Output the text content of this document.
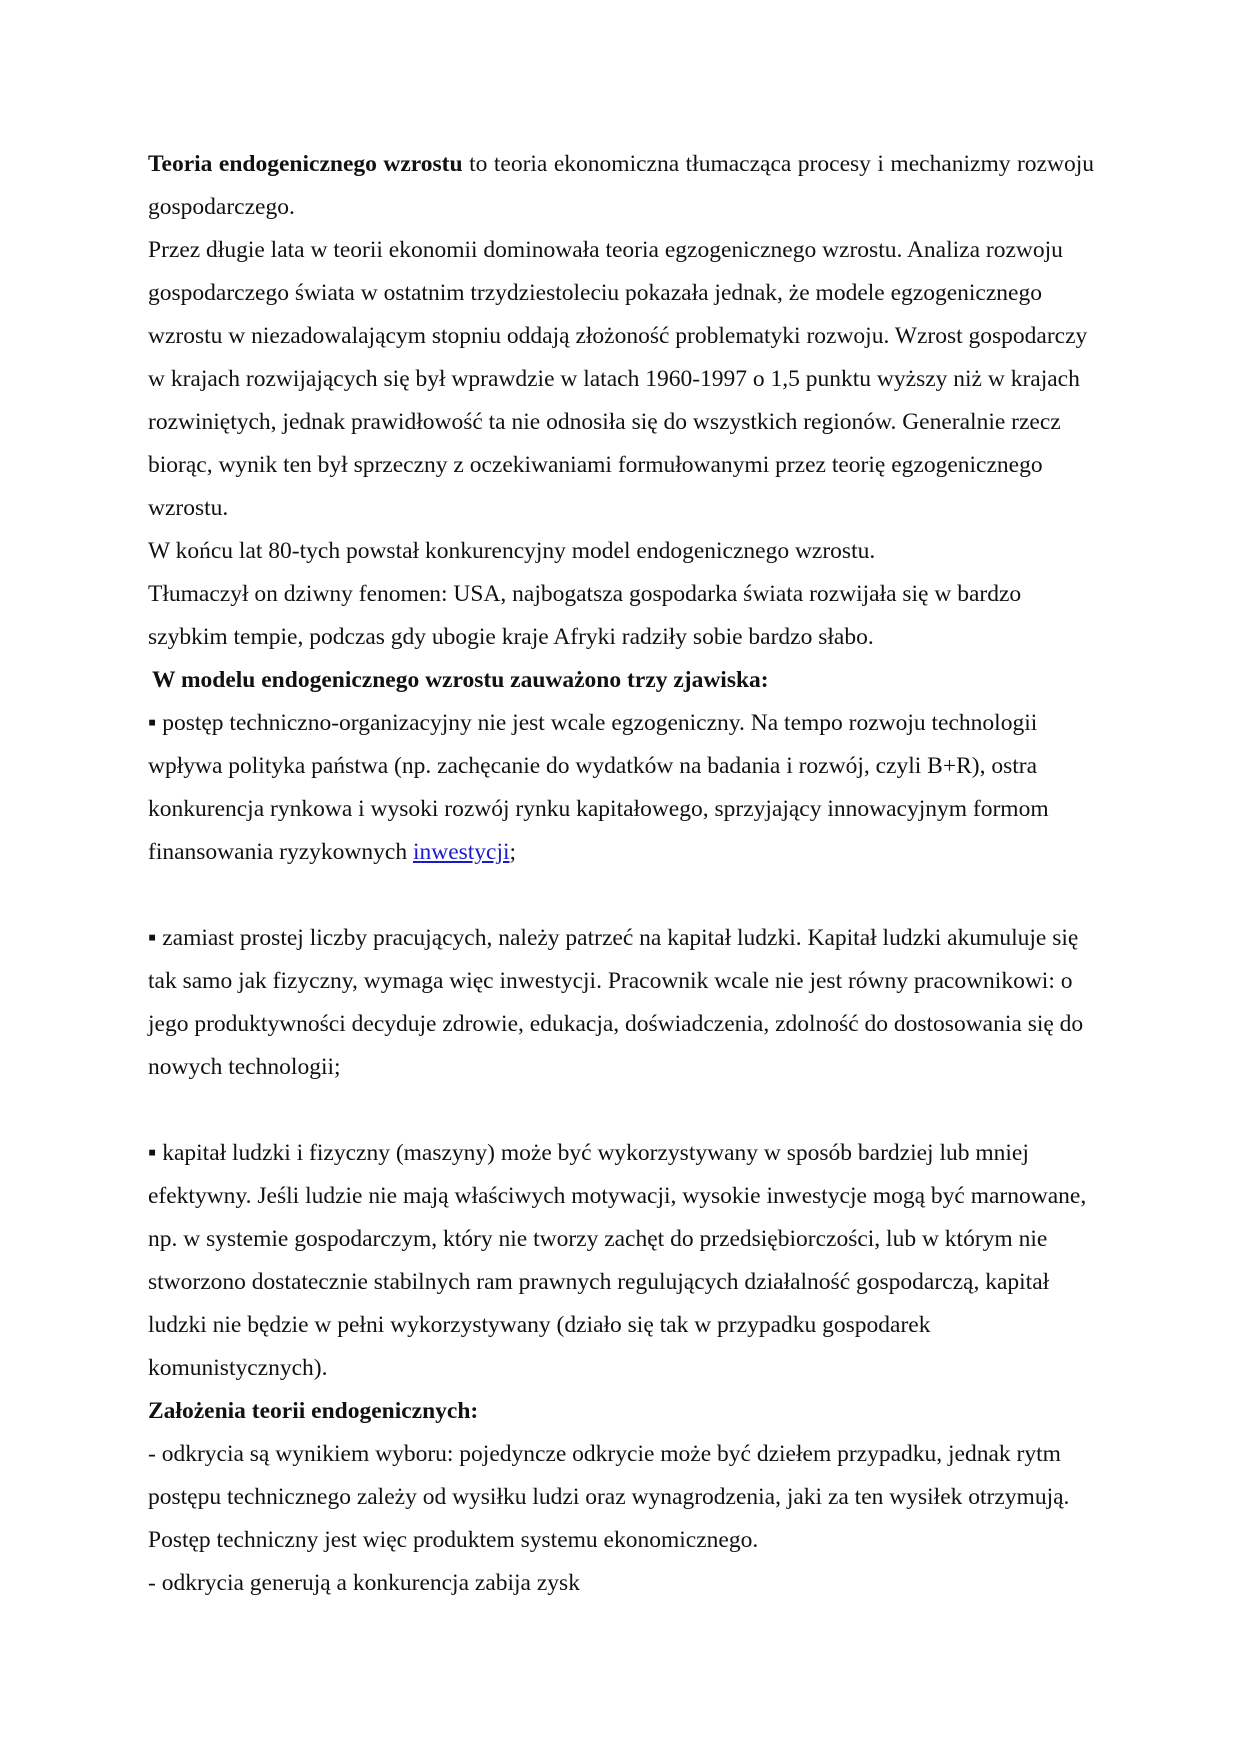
Teoria endogenicznego wzrostu to teoria ekonomiczna tłumacząca procesy i mechanizmy rozwoju gospodarczego.

Przez długie lata w teorii ekonomii dominowała teoria egzogenicznego wzrostu. Analiza rozwoju gospodarczego świata w ostatnim trzydziestoleciu pokazała jednak, że modele egzogenicznego wzrostu w niezadowalającym stopniu oddają złożoność problematyki rozwoju. Wzrost gospodarczy w krajach rozwijających się był wprawdzie w latach 1960-1997 o 1,5 punktu wyższy niż w krajach rozwiniętych, jednak prawidłowość ta nie odnosiła się do wszystkich regionów. Generalnie rzecz biorąc, wynik ten był sprzeczny z oczekiwaniami formułowanymi przez teorię egzogenicznego wzrostu.

W końcu lat 80-tych powstał konkurencyjny model endogenicznego wzrostu.

Tłumaczył on dziwny fenomen: USA, najbogatsza gospodarka świata rozwijała się w bardzo szybkim tempie, podczas gdy ubogie kraje Afryki radziły sobie bardzo słabo.

W modelu endogenicznego wzrostu zauważono trzy zjawiska:

▪ postęp techniczno-organizacyjny nie jest wcale egzogeniczny. Na tempo rozwoju technologii wpływa polityka państwa (np. zachęcanie do wydatków na badania i rozwój, czyli B+R), ostra konkurencja rynkowa i wysoki rozwój rynku kapitałowego, sprzyjający innowacyjnym formom finansowania ryzykownych inwestycji;

▪ zamiast prostej liczby pracujących, należy patrzeć na kapitał ludzki. Kapitał ludzki akumuluje się tak samo jak fizyczny, wymaga więc inwestycji. Pracownik wcale nie jest równy pracownikowi: o jego produktywności decyduje zdrowie, edukacja, doświadczenia, zdolność do dostosowania się do nowych technologii;

▪ kapitał ludzki i fizyczny (maszyny) może być wykorzystywany w sposób bardziej lub mniej efektywny. Jeśli ludzie nie mają właściwych motywacji, wysokie inwestycje mogą być marnowane, np. w systemie gospodarczym, który nie tworzy zachęt do przedsiębiorczości, lub w którym nie stworzono dostatecznie stabilnych ram prawnych regulujących działalność gospodarczą, kapitał ludzki nie będzie w pełni wykorzystywany (działo się tak w przypadku gospodarek komunistycznych).

Założenia teorii endogenicznych:

- odkrycia są wynikiem wyboru: pojedyncze odkrycie może być dziełem przypadku, jednak rytm postępu technicznego zależy od wysiłku ludzi oraz wynagrodzenia, jaki za ten wysiłek otrzymują. Postęp techniczny jest więc produktem systemu ekonomicznego.

- odkrycia generują a konkurencja zabija zysk
